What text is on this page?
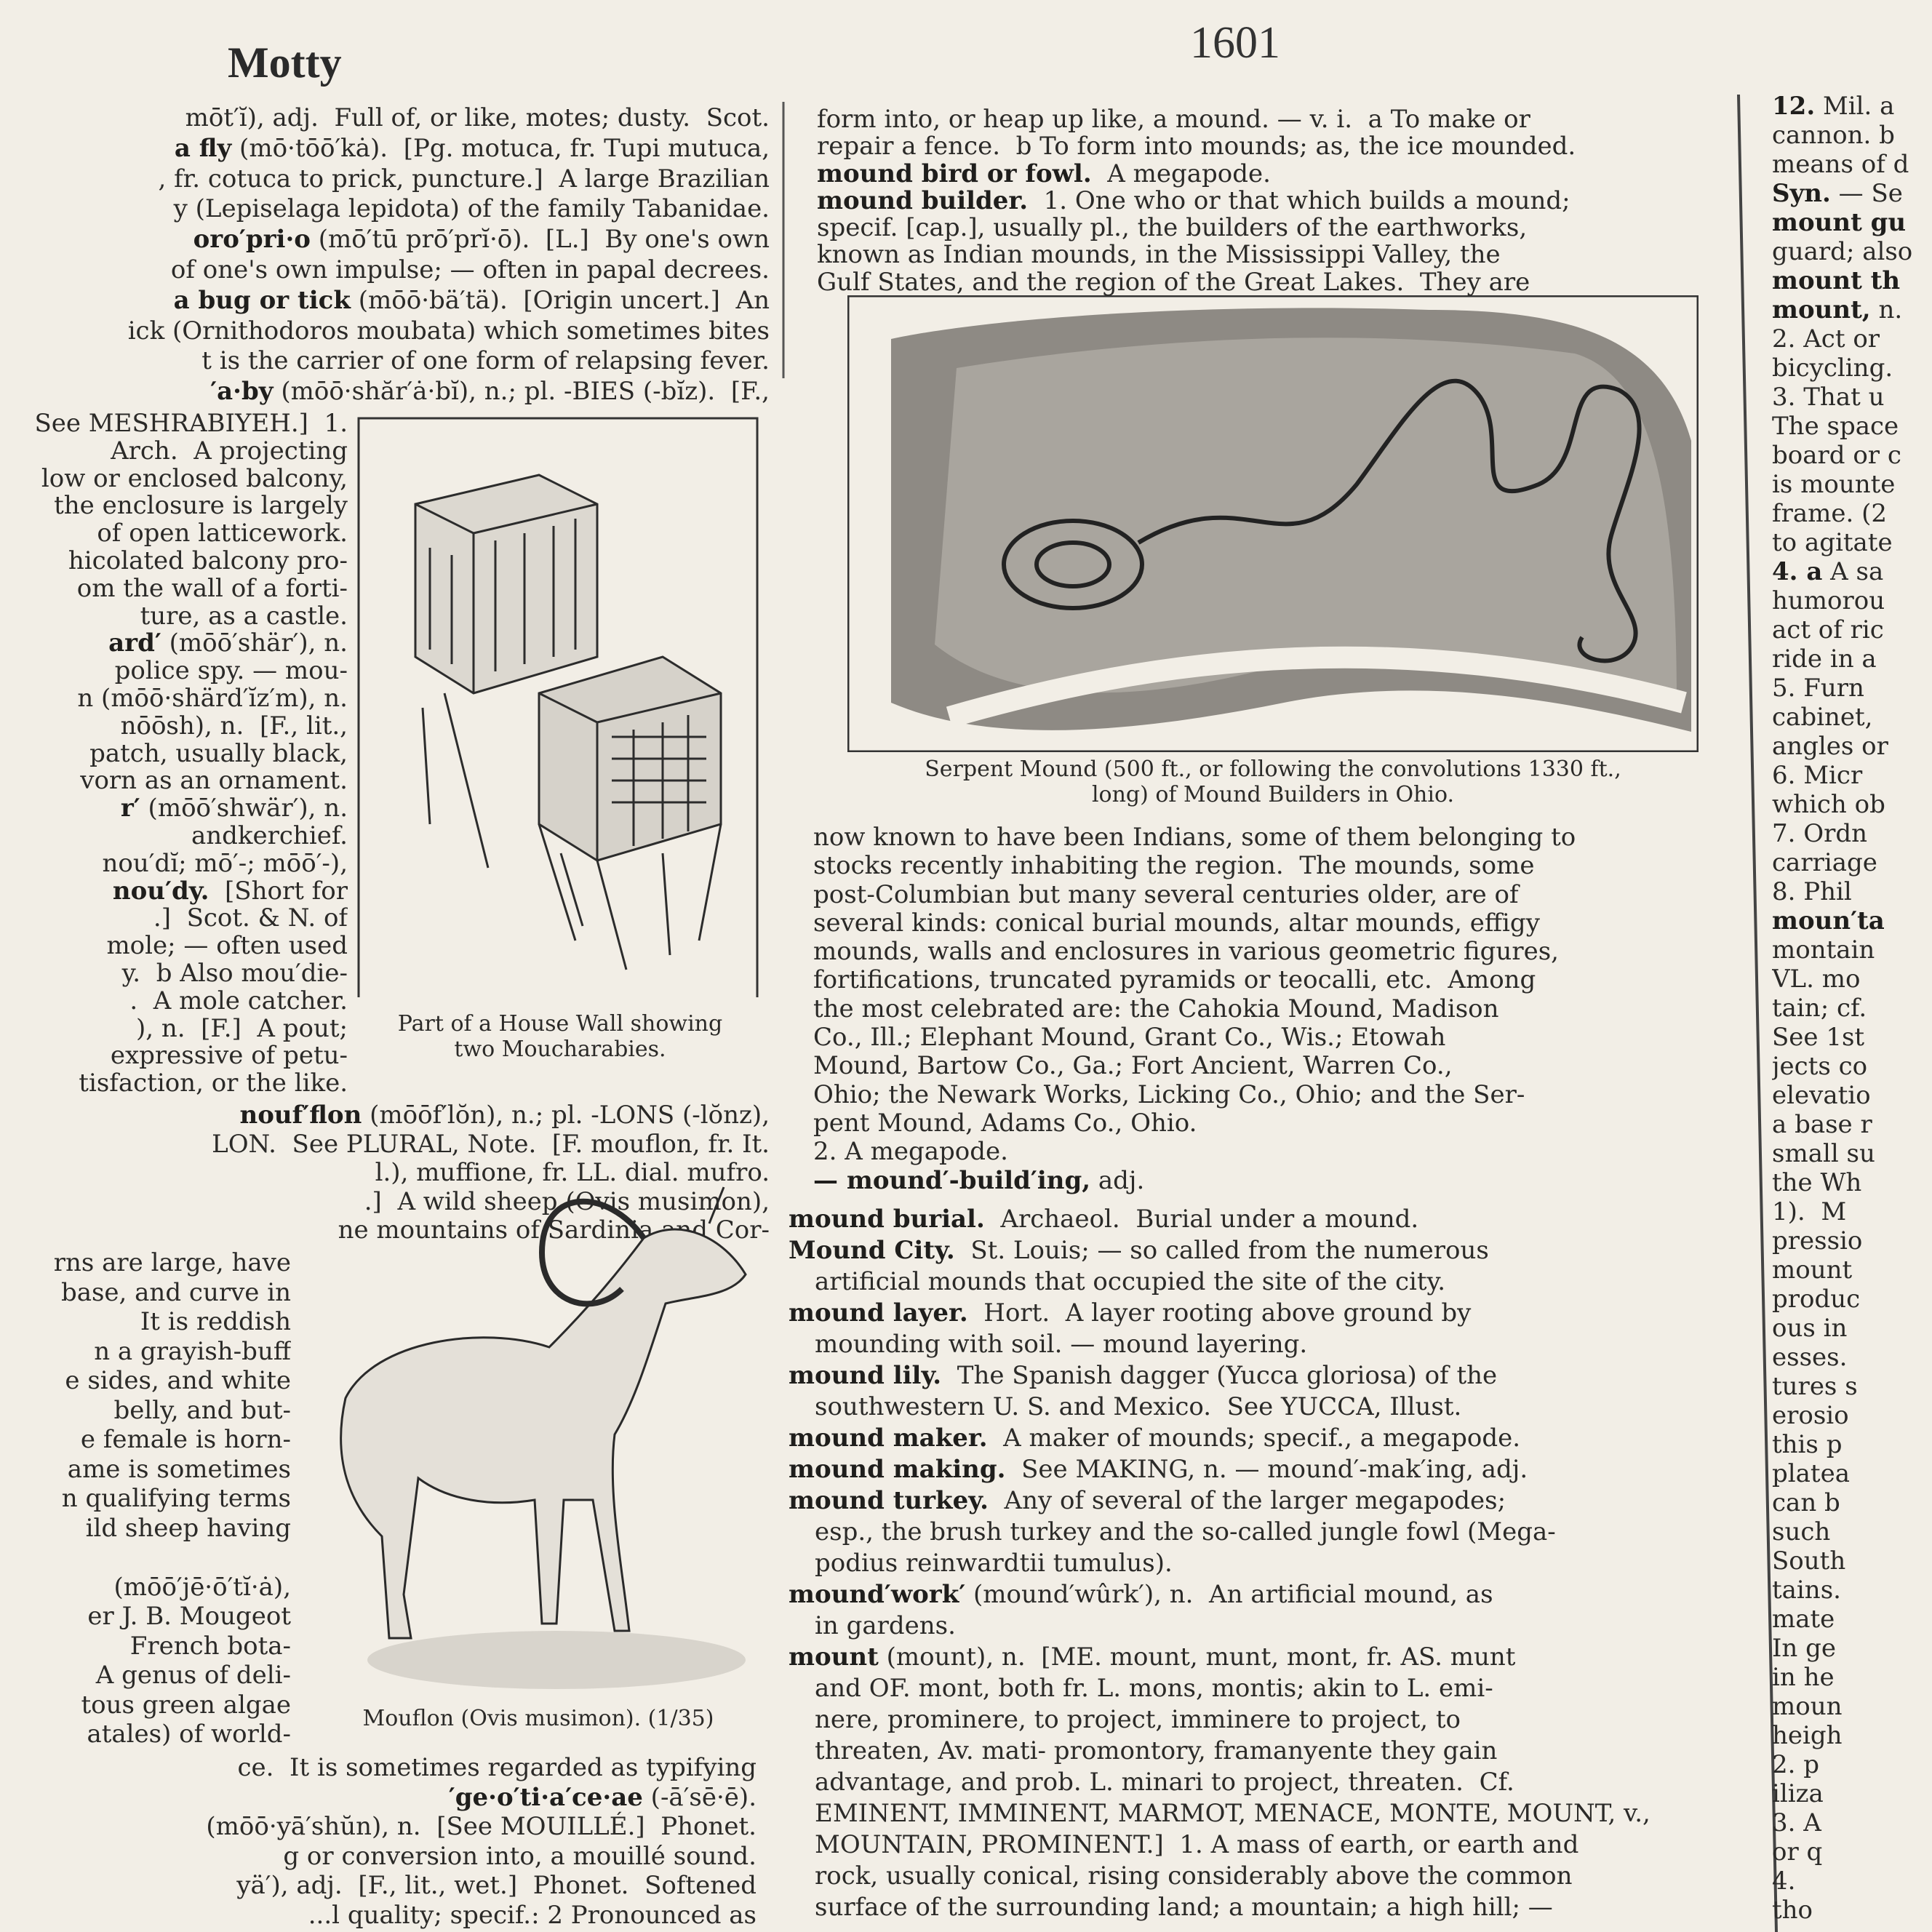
Motty	1601
mōt′ĭ), adj.  Full of, or like, motes; dusty.  Scot.
a fly (mō·tōō′kȧ).  [Pg. motuca, fr. Tupi mutuca,
, fr. cotuca to prick, puncture.]  A large Brazilian
y (Lepiselaga lepidota) of the family Tabanidae.
oro′pri·o (mō′tū prō′prĭ·ō).  [L.]  By one's own
of one's own impulse; — often in papal decrees.
a bug or tick (mōō·bä′tä).  [Origin uncert.]  An
ick (Ornithodoros moubata) which sometimes bites
t is the carrier of one form of relapsing fever.
′a·by (mōō·shăr′ȧ·bĭ), n.; pl. -BIES (-bĭz).  [F.,
See MESHRABIYEH.]  1.
Arch.  A projecting
low or enclosed balcony,
the enclosure is largely
of open latticework.
hicolated balcony pro-
om the wall of a forti-
ture, as a castle.
ard′ (mōō′shär′), n.
police spy. — mou-
n (mōō·shärd′ĭz′m), n.
nōōsh), n.  [F., lit.,
patch, usually black,
vorn as an ornament.
r′ (mōō′shwär′), n.
andkerchief.
nou′dĭ; mō′-; mōō′-),
nou′dy.  [Short for
.]  Scot. & N. of
mole; — often used
y.  b Also mou′die-
.  A mole catcher.
), n.  [F.]  A pout;
expressive of petu-
tisfaction, or the like.
nouf′flon (mōōf′lŏn), n.; pl. -LONS (-lŏnz),
LON.  See PLURAL, Note.  [F. mouflon, fr. It.
l.), muffione, fr. LL. dial. mufro.
.]  A wild sheep (Ovis musimon),
ne mountains of Sardinia and Cor-
rns are large, have
base, and curve in
It is reddish
n a grayish-buff
e sides, and white
belly, and but-
e female is horn-
ame is sometimes
n qualifying terms
ild sheep having

(mōō′jē·ō′tĭ·ȧ),
er J. B. Mougeot
French bota-
A genus of deli-
tous green algae
atales) of world-
ce.  It is sometimes regarded as typifying
′ge·o′ti·a′ce·ae (-ā′sē·ē).
(mōō·yā′shŭn), n.  [See MOUILLÉ.]  Phonet.
g or conversion into, a mouillé sound.
yä′), adj.  [F., lit., wet.]  Phonet.  Softened
...l quality; specif.: 2 Pronounced as
Part of a House Wall showing
two Moucharabies.
Mouflon (Ovis musimon). (1/35)
form into, or heap up like, a mound. — v. i.  a To make or
repair a fence.  b To form into mounds; as, the ice mounded.
mound bird or fowl.  A megapode.
mound builder.  1. One who or that which builds a mound;
specif. [cap.], usually pl., the builders of the earthworks,
known as Indian mounds, in the Mississippi Valley, the
Gulf States, and the region of the Great Lakes.  They are
Serpent Mound (500 ft., or following the convolutions 1330 ft.,
long) of Mound Builders in Ohio.
now known to have been Indians, some of them belonging to
stocks recently inhabiting the region.  The mounds, some
post-Columbian but many several centuries older, are of
several kinds: conical burial mounds, altar mounds, effigy
mounds, walls and enclosures in various geometric figures,
fortifications, truncated pyramids or teocalli, etc.  Among
the most celebrated are: the Cahokia Mound, Madison
Co., Ill.; Elephant Mound, Grant Co., Wis.; Etowah
Mound, Bartow Co., Ga.; Fort Ancient, Warren Co.,
Ohio; the Newark Works, Licking Co., Ohio; and the Ser-
pent Mound, Adams Co., Ohio.
2. A megapode.
— mound′-build′ing, adj.
mound burial.  Archaeol.  Burial under a mound.
Mound City.  St. Louis; — so called from the numerous
artificial mounds that occupied the site of the city.
mound layer.  Hort.  A layer rooting above ground by
mounding with soil. — mound layering.
mound lily.  The Spanish dagger (Yucca gloriosa) of the
southwestern U. S. and Mexico.  See YUCCA, Illust.
mound maker.  A maker of mounds; specif., a megapode.
mound making.  See MAKING, n. — mound′-mak′ing, adj.
mound turkey.  Any of several of the larger megapodes;
esp., the brush turkey and the so-called jungle fowl (Mega-
podius reinwardtii tumulus).
mound′work′ (mound′wûrk′), n.  An artificial mound, as
in gardens.
mount (mount), n.  [ME. mount, munt, mont, fr. AS. munt
and OF. mont, both fr. L. mons, montis; akin to L. emi-
nere, prominere, to project, imminere to project, to
threaten, Av. mati- promontory, framanyente they gain
advantage, and prob. L. minari to project, threaten.  Cf.
EMINENT, IMMINENT, MARMOT, MENACE, MONTE, MOUNT, v.,
MOUNTAIN, PROMINENT.]  1. A mass of earth, or earth and
rock, usually conical, rising considerably above the common
surface of the surrounding land; a mountain; a high hill; —
12. Mil. a
cannon. b
means of d
Syn. — Se
mount gu
guard; also
mount th
mount, n.
2. Act or
bicycling.
3. That u
The space
board or c
is mounte
frame. (2
to agitate
4. a A sa
humorou
act of ric
ride in a
5. Furn
cabinet,
angles or
6. Micr
which ob
7. Ordn
carriage
8. Phil
moun′ta
montain
VL. mo
tain; cf.
See 1st
jects co
elevatio
a base r
small su
the Wh
1).  M
pressio
mount
produc
ous in
esses.
tures s
erosio
this p
platea
can b
such
South
tains.
mate
In ge
in he
moun
heigh
2. p
iliza
3. A
or q
4.
tho
